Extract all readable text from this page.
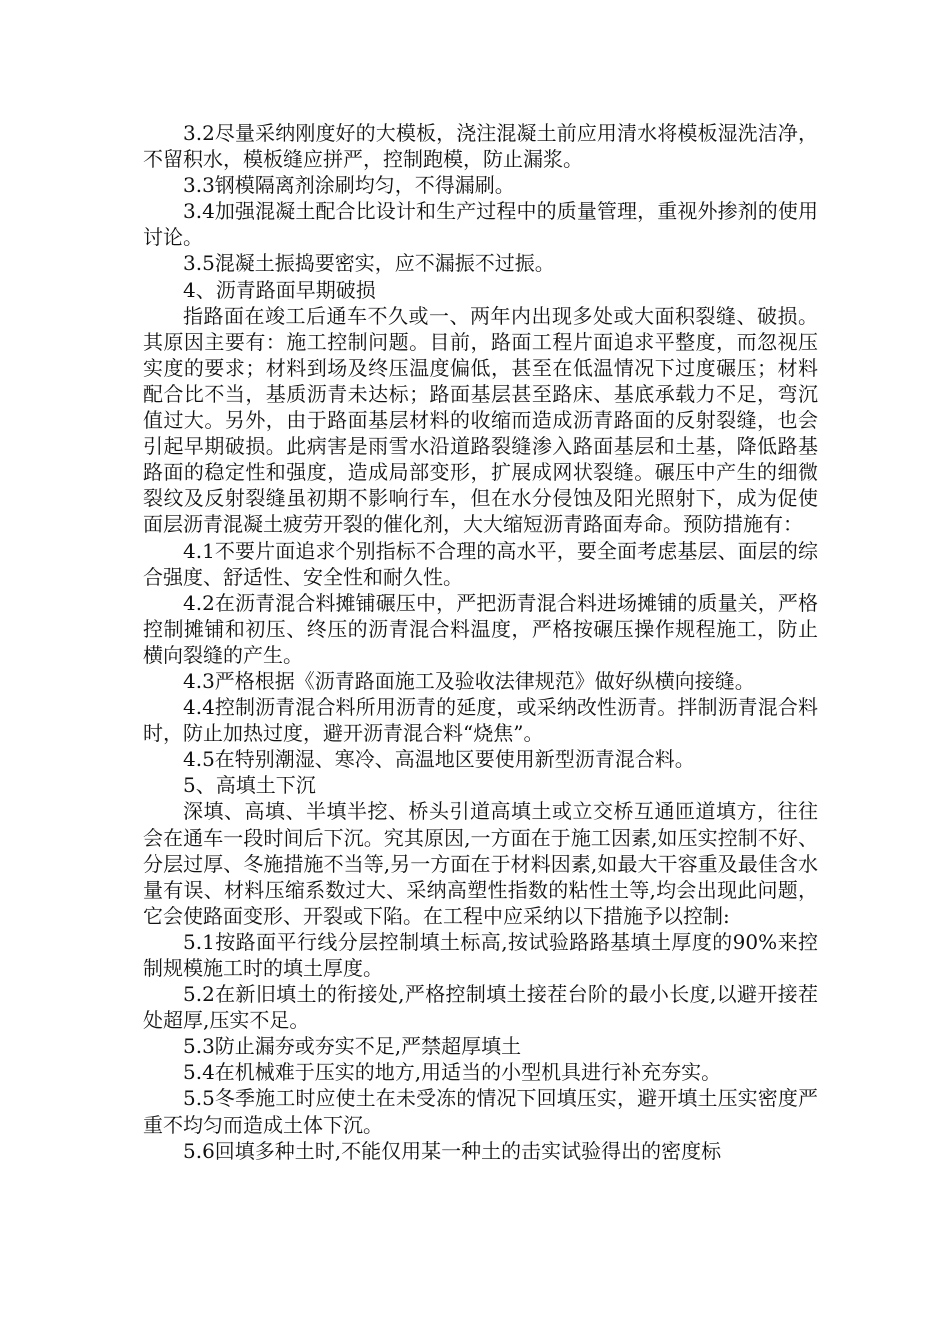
3.2尽量采纳刚度好的大模板，浇注混凝土前应用清水将模板湿洗洁净，不留积水，模板缝应拼严，控制跑模，防止漏浆。

3.3钢模隔离剂涂刷均匀，不得漏刷。

3.4加强混凝土配合比设计和生产过程中的质量管理，重视外掺剂的使用讨论。

3.5混凝土振捣要密实，应不漏振不过振。

4、沥青路面早期破损

指路面在竣工后通车不久或一、两年内出现多处或大面积裂缝、破损。其原因主要有：施工控制问题。目前，路面工程片面追求平整度，而忽视压实度的要求；材料到场及终压温度偏低，甚至在低温情况下过度碾压；材料配合比不当，基质沥青未达标；路面基层甚至路床、基底承载力不足，弯沉值过大。另外，由于路面基层材料的收缩而造成沥青路面的反射裂缝，也会引起早期破损。此病害是雨雪水沿道路裂缝渗入路面基层和土基，降低路基路面的稳定性和强度，造成局部变形，扩展成网状裂缝。碾压中产生的细微裂纹及反射裂缝虽初期不影响行车，但在水分侵蚀及阳光照射下，成为促使面层沥青混凝土疲劳开裂的催化剂，大大缩短沥青路面寿命。预防措施有：

4.1不要片面追求个别指标不合理的高水平，要全面考虑基层、面层的综合强度、舒适性、安全性和耐久性。

4.2在沥青混合料摊铺碾压中，严把沥青混合料进场摊铺的质量关，严格控制摊铺和初压、终压的沥青混合料温度，严格按碾压操作规程施工，防止横向裂缝的产生。

4.3严格根据《沥青路面施工及验收法律规范》做好纵横向接缝。

4.4控制沥青混合料所用沥青的延度，或采纳改性沥青。拌制沥青混合料时，防止加热过度，避开沥青混合料“烧焦”。

4.5在特别潮湿、寒冷、高温地区要使用新型沥青混合料。

5、高填土下沉

深填、高填、半填半挖、桥头引道高填土或立交桥互通匝道填方，往往会在通车一段时间后下沉。究其原因,一方面在于施工因素,如压实控制不好、分层过厚、冬施措施不当等,另一方面在于材料因素,如最大干容重及最佳含水量有误、材料压缩系数过大、采纳高塑性指数的粘性土等,均会出现此问题，它会使路面变形、开裂或下陷。在工程中应采纳以下措施予以控制:

5.1按路面平行线分层控制填土标高,按试验路路基填土厚度的90%来控制规模施工时的填土厚度。

5.2在新旧填土的衔接处,严格控制填土接茬台阶的最小长度,以避开接茬处超厚,压实不足。

5.3防止漏夯或夯实不足,严禁超厚填土

5.4在机械难于压实的地方,用适当的小型机具进行补充夯实。

5.5冬季施工时应使土在未受冻的情况下回填压实，避开填土压实密度严重不均匀而造成土体下沉。

5.6回填多种土时,不能仅用某一种土的击实试验得出的密度标
